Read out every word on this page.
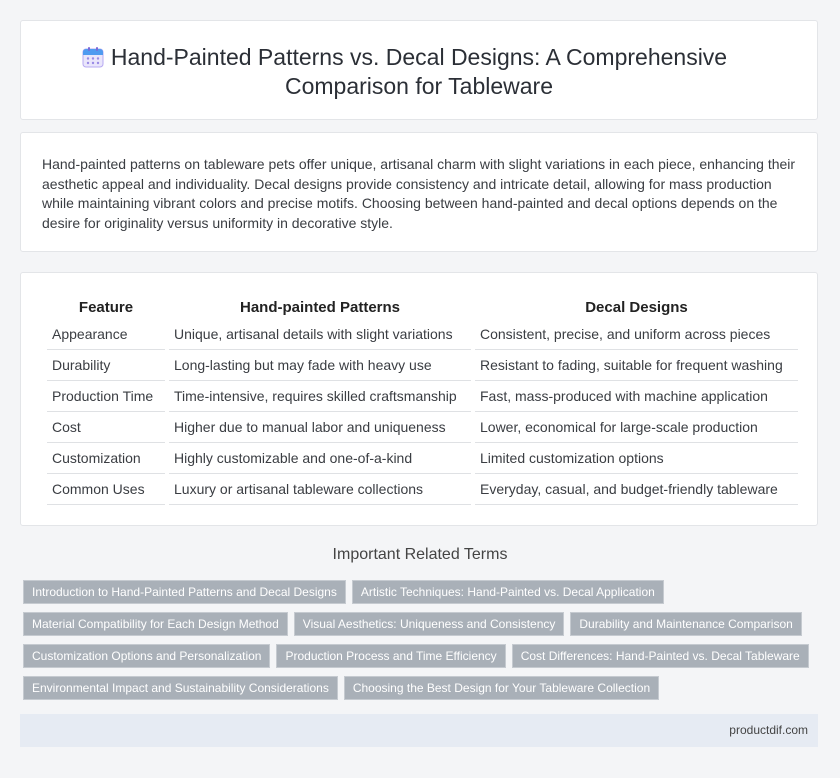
Hand-Painted Patterns vs. Decal Designs: A Comprehensive
Comparison for Tableware

Hand-painted patterns on tableware pets offer unique, artisanal charm with slight variations in each piece, enhancing their aesthetic appeal and individuality. Decal designs provide consistency and intricate detail, allowing for mass production while maintaining vibrant colors and precise motifs. Choosing between hand-painted and decal options depends on the desire for originality versus uniformity in decorative style.

Feature	Hand-painted Patterns	Decal Designs
Appearance	Unique, artisanal details with slight variations	Consistent, precise, and uniform across pieces
Durability	Long-lasting but may fade with heavy use	Resistant to fading, suitable for frequent washing
Production Time	Time-intensive, requires skilled craftsmanship	Fast, mass-produced with machine application
Cost	Higher due to manual labor and uniqueness	Lower, economical for large-scale production
Customization	Highly customizable and one-of-a-kind	Limited customization options
Common Uses	Luxury or artisanal tableware collections	Everyday, casual, and budget-friendly tableware
Important Related Terms
Introduction to Hand-Painted Patterns and Decal Designs Artistic Techniques: Hand-Painted vs. Decal Application
Material Compatibility for Each Design Method Visual Aesthetics: Uniqueness and Consistency Durability and Maintenance Comparison
Customization Options and Personalization Production Process and Time Efficiency Cost Differences: Hand-Painted vs. Decal Tableware
Environmental Impact and Sustainability Considerations Choosing the Best Design for Your Tableware Collection
productdif.com
